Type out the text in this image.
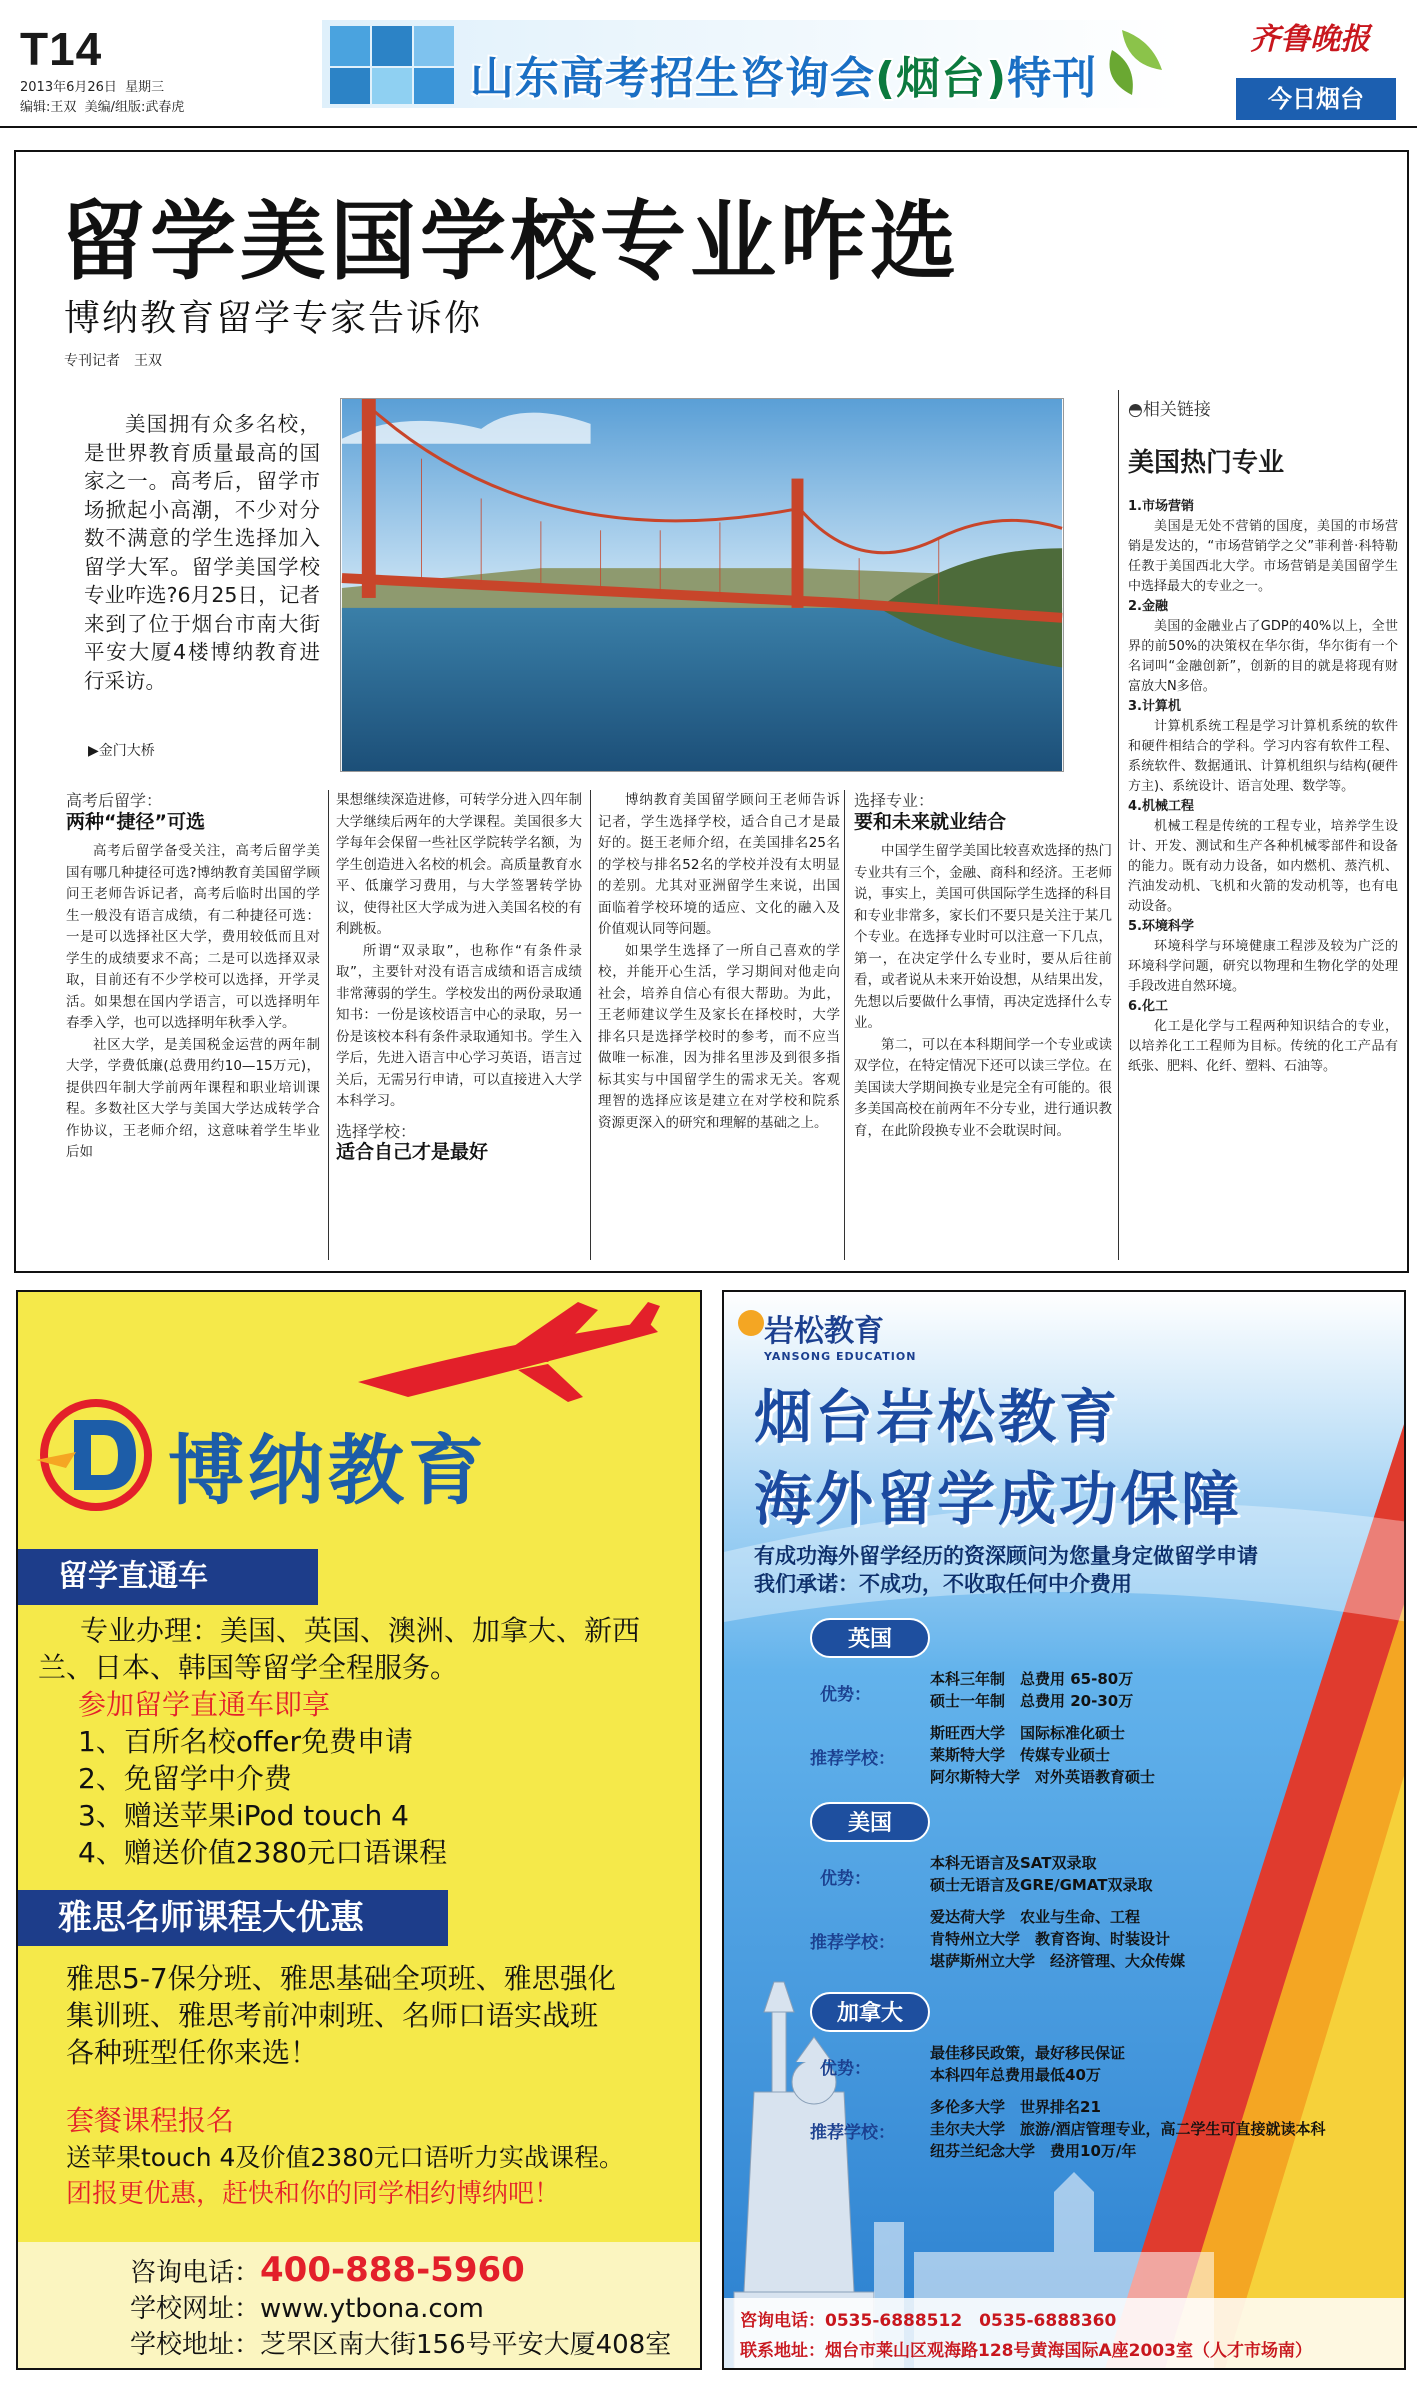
T14
2013年6月26日 星期三
编辑:王双 美编/组版:武春虎
山东高考招生咨询会(烟台)特刊
齐鲁晚报
今日烟台
留学美国学校专业咋选
博纳教育留学专家告诉你
专刊记者　王双
美国拥有众多名校，是世界教育质量最高的国家之一。高考后，留学市场掀起小高潮，不少对分数不满意的学生选择加入留学大军。留学美国学校专业咋选?6月25日，记者来到了位于烟台市南大街平安大厦4楼博纳教育进行采访。
▶金门大桥
高考后留学：
两种“捷径”可选

高考后留学备受关注，高考后留学美国有哪几种捷径可选?博纳教育美国留学顾问王老师告诉记者，高考后临时出国的学生一般没有语言成绩，有二种捷径可选：一是可以选择社区大学，费用较低而且对学生的成绩要求不高；二是可以选择双录取，目前还有不少学校可以选择，开学灵活。如果想在国内学语言，可以选择明年春季入学，也可以选择明年秋季入学。

社区大学，是美国税金运营的两年制大学，学费低廉(总费用约10—15万元)，提供四年制大学前两年课程和职业培训课程。多数社区大学与美国大学达成转学合作协议，王老师介绍，这意味着学生毕业后如

果想继续深造进修，可转学分进入四年制大学继续后两年的大学课程。美国很多大学每年会保留一些社区学院转学名额，为学生创造进入名校的机会。高质量教育水平、低廉学习费用，与大学签署转学协议，使得社区大学成为进入美国名校的有利跳板。

所谓“双录取”，也称作“有条件录取”，主要针对没有语言成绩和语言成绩非常薄弱的学生。学校发出的两份录取通知书：一份是该校语言中心的录取，另一份是该校本科有条件录取通知书。学生入学后，先进入语言中心学习英语，语言过关后，无需另行申请，可以直接进入大学本科学习。

选择学校：
适合自己才是最好

博纳教育美国留学顾问王老师告诉记者，学生选择学校，适合自己才是最好的。挺王老师介绍，在美国排名25名的学校与排名52名的学校并没有太明显的差别。尤其对亚洲留学生来说，出国面临着学校环境的适应、文化的融入及价值观认同等问题。

如果学生选择了一所自己喜欢的学校，并能开心生活，学习期间对他走向社会，培养自信心有很大帮助。为此，王老师建议学生及家长在择校时，大学排名只是选择学校时的参考，而不应当做唯一标准，因为排名里涉及到很多指标其实与中国留学生的需求无关。客观理智的选择应该是建立在对学校和院系资源更深入的研究和理解的基础之上。

选择专业：
要和未来就业结合

中国学生留学美国比较喜欢选择的热门专业共有三个，金融、商科和经济。王老师说，事实上，美国可供国际学生选择的科目和专业非常多，家长们不要只是关注于某几个专业。在选择专业时可以注意一下几点，第一，在决定学什么专业时，要从后往前看，或者说从未来开始设想，从结果出发，先想以后要做什么事情，再决定选择什么专业。

第二，可以在本科期间学一个专业或读双学位，在特定情况下还可以读三学位。在美国读大学期间换专业是完全有可能的。很多美国高校在前两年不分专业，进行通识教育，在此阶段换专业不会耽误时间。

◓相关链接
美国热门专业
1.市场营销

美国是无处不营销的国度，美国的市场营销是发达的，“市场营销学之父”菲利普·科特勒任教于美国西北大学。市场营销是美国留学生中选择最大的专业之一。

2.金融

美国的金融业占了GDP的40%以上，全世界的前50%的决策权在华尔街，华尔街有一个名词叫“金融创新”，创新的目的就是将现有财富放大N多倍。

3.计算机

计算机系统工程是学习计算机系统的软件和硬件相结合的学科。学习内容有软件工程、系统软件、数据通讯、计算机组织与结构(硬件方主)、系统设计、语言处理、数学等。

4.机械工程

机械工程是传统的工程专业，培养学生设计、开发、测试和生产各种机械零部件和设备的能力。既有动力设备，如内燃机、蒸汽机、汽油发动机、飞机和火箭的发动机等，也有电动设备。

5.环境科学

环境科学与环境健康工程涉及较为广泛的环境科学问题，研究以物理和生物化学的处理手段改进自然环境。

6.化工

化工是化学与工程两种知识结合的专业，以培养化工工程师为目标。传统的化工产品有纸张、肥料、化纤、塑料、石油等。

博纳教育
留学直通车
专业办理：美国、英国、澳洲、加拿大、新西兰、日本、韩国等留学全程服务。
参加留学直通车即享
1、百所名校offer免费申请
2、免留学中介费
3、赠送苹果iPod touch 4
4、赠送价值2380元口语课程
雅思名师课程大优惠
雅思5-7保分班、雅思基础全项班、雅思强化集训班、雅思考前冲刺班、名师口语实战班 各种班型任你来选！
套餐课程报名
送苹果touch 4及价值2380元口语听力实战课程。
团报更优惠，赶快和你的同学相约博纳吧！
咨询电话：400-888-5960
学校网址：www.ytbona.com
学校地址：芝罘区南大街156号平安大厦408室
岩松教育
YANSONG EDUCATION
烟台岩松教育
海外留学成功保障
有成功海外留学经历的资深顾问为您量身定做留学申请
我们承诺：不成功，不收取任何中介费用
英国
优势：
本科三年制　总费用 65-80万
硕士一年制　总费用 20-30万
推荐学校：
斯旺西大学　国际标准化硕士
莱斯特大学　传媒专业硕士
阿尔斯特大学　对外英语教育硕士
美国
优势：
本科无语言及SAT双录取
硕士无语言及GRE/GMAT双录取
推荐学校：
爱达荷大学　农业与生命、工程
肯特州立大学　教育咨询、时装设计
堪萨斯州立大学　经济管理、大众传媒
加拿大
优势：
最佳移民政策，最好移民保证
本科四年总费用最低40万
推荐学校：
多伦多大学　世界排名21
圭尔夫大学　旅游/酒店管理专业，高二学生可直接就读本科
纽芬兰纪念大学　费用10万/年
咨询电话：0535-6888512　0535-6888360
联系地址：烟台市莱山区观海路128号黄海国际A座2003室（人才市场南）
